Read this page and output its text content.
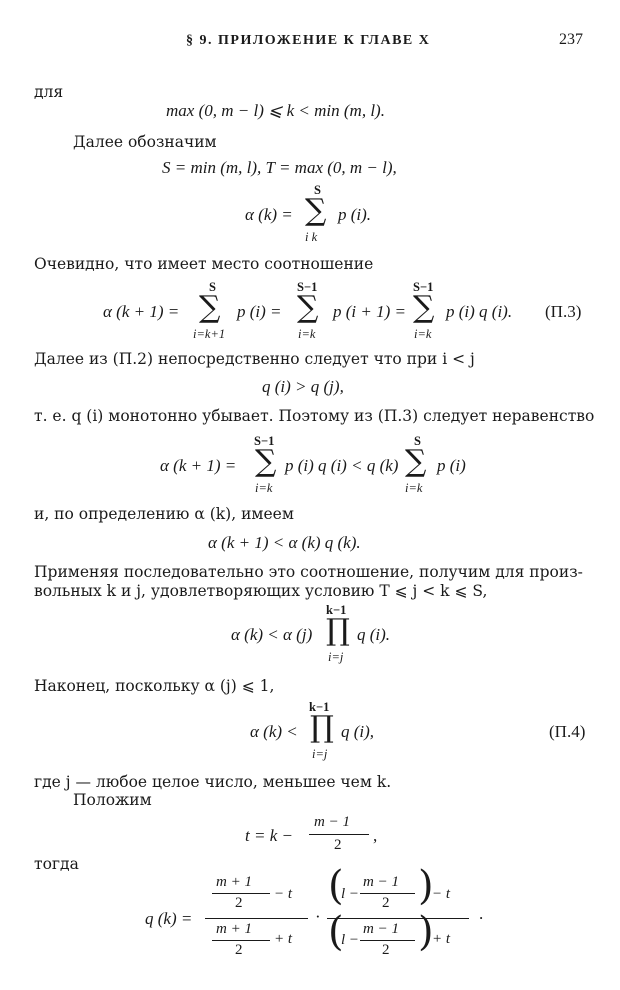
§ 9. ПРИЛОЖЕНИЕ К ГЛАВЕ X	237
для
max (0, m − l) ⩽ k < min (m, l).
Далее обозначим
S = min (m, l), T = max (0, m − l),
α (k) =
S
∑
i k
p (i).
Очевидно, что имеет место соотношение
α (k + 1) =
S
∑
i=k+1
p (i) =
S−1
∑
i=k
p (i + 1) =
S−1
∑
i=k
p (i) q (i). (П.3)
Далее из (П.2) непосредственно следует что при i < j
q (i) > q (j),
т. е. q (i) монотонно убывает. Поэтому из (П.3) следует неравенство
α (k + 1) =
S−1
∑
i=k
p (i) q (i) < q (k)
S
∑
i=k
p (i)
и, по определению α (k), имеем
α (k + 1) < α (k) q (k).
Применяя последовательно это соотношение, получим для произ-
вольных k и j, удовлетворяющих условию T ⩽ j < k ⩽ S,
α (k) < α (j)
k−1
∏
i=j
q (i).
Наконец, поскольку α (j) ⩽ 1,
α (k) <
k−1
∏
i=j
q (i),	(П.4)
где j — любое целое число, меньшее чем k.
Положим
t = k −
m − 1
2 ,
тогда
q (k) =
m + 1
2
− t
m + 1
2
+ t
·
(
l −
m − 1
2 )
− t
(
l −
m − 1
2 )
+ t
.
